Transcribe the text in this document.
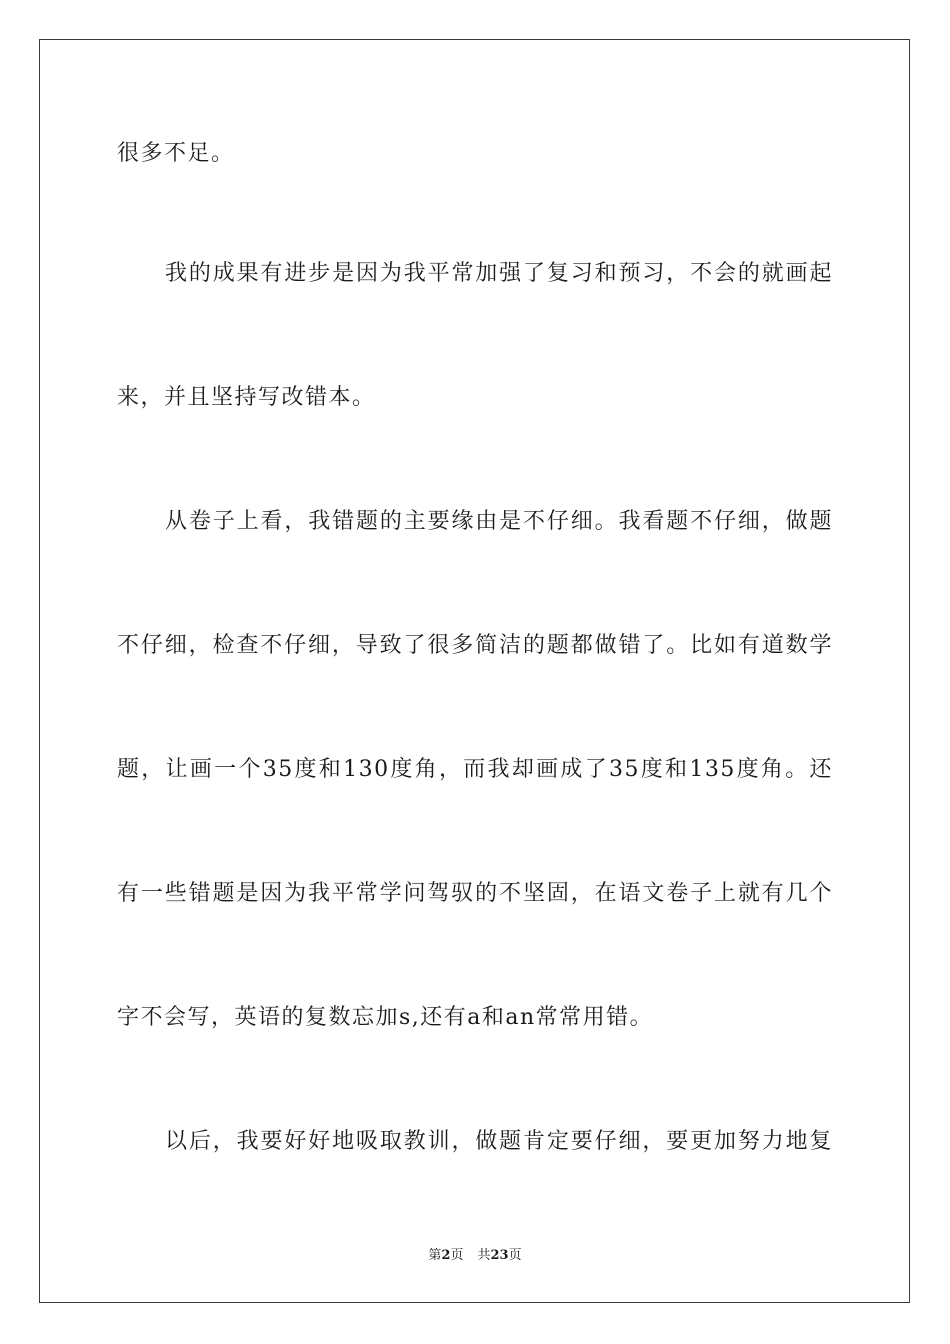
很多不足。
我的成果有进步是因为我平常加强了复习和预习，不会的就画起
来，并且坚持写改错本。
从卷子上看，我错题的主要缘由是不仔细。我看题不仔细，做题
不仔细，检查不仔细，导致了很多简洁的题都做错了。比如有道数学
题，让画一个35度和130度角，而我却画成了35度和135度角。还
有一些错题是因为我平常学问驾驭的不坚固，在语文卷子上就有几个
字不会写，英语的复数忘加s,还有a和an常常用错。
以后，我要好好地吸取教训，做题肯定要仔细，要更加努力地复
第2页 共23页
